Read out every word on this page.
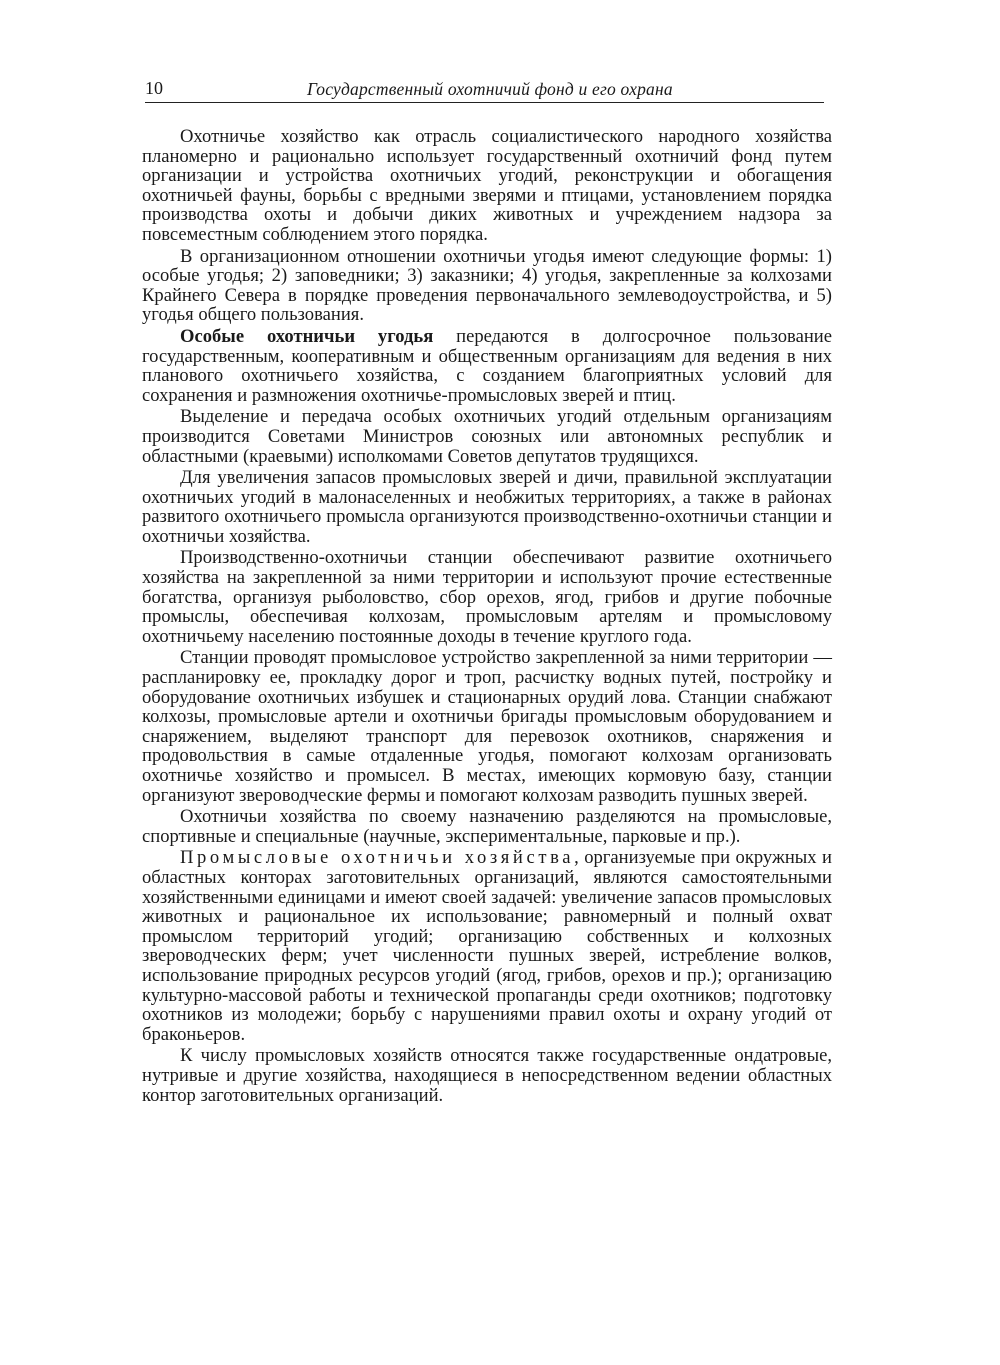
10	Государственный охотничий фонд и его охрана

Охотничье хозяйство как отрасль социалистического народного хозяйства планомерно и рационально использует государственный охотничий фонд путем организации и устройства охотничьих угодий, реконструкции и обогащения охотничьей фауны, борьбы с вредными зверями и птицами, установлением порядка производства охоты и добычи диких животных и учреждением надзора за повсеместным соблюдением этого порядка.

В организационном отношении охотничьи угодья имеют следующие формы: 1) особые угодья; 2) заповедники; 3) заказники; 4) угодья, закрепленные за колхозами Крайнего Севера в порядке проведения первоначального землеводоустройства, и 5) угодья общего пользования.

Особые охотничьи угодья передаются в долгосрочное пользование государственным, кооперативным и общественным организациям для ведения в них планового охотничьего хозяйства, с созданием благоприятных условий для сохранения и размножения охотничье-промысловых зверей и птиц.

Выделение и передача особых охотничьих угодий отдельным организациям производится Советами Министров союзных или автономных республик и областными (краевыми) исполкомами Советов депутатов трудящихся.

Для увеличения запасов промысловых зверей и дичи, правильной эксплуатации охотничьих угодий в малонаселенных и необжитых территориях, а также в районах развитого охотничьего промысла организуются производственно-охотничьи станции и охотничьи хозяйства.

Производственно-охотничьи станции обеспечивают развитие охотничьего хозяйства на закрепленной за ними территории и используют прочие естественные богатства, организуя рыболовство, сбор орехов, ягод, грибов и другие побочные промыслы, обеспечивая колхозам, промысловым артелям и промысловому охотничьему населению постоянные доходы в течение круглого года.

Станции проводят промысловое устройство закрепленной за ними территории — распланировку ее, прокладку дорог и троп, расчистку водных путей, постройку и оборудование охотничьих избушек и стационарных орудий лова. Станции снабжают колхозы, промысловые артели и охотничьи бригады промысловым оборудованием и снаряжением, выделяют транспорт для перевозок охотников, снаряжения и продовольствия в самые отдаленные угодья, помогают колхозам организовать охотничье хозяйство и промысел. В местах, имеющих кормовую базу, станции организуют звероводческие фермы и помогают колхозам разводить пушных зверей.

Охотничьи хозяйства по своему назначению разделяются на промысловые, спортивные и специальные (научные, экспериментальные, парковые и пр.).

Промысловые охотничьи хозяйства, организуемые при окружных и областных конторах заготовительных организаций, являются самостоятельными хозяйственными единицами и имеют своей задачей: увеличение запасов промысловых животных и рациональное их использование; равномерный и полный охват промыслом территорий угодий; организацию собственных и колхозных звероводческих ферм; учет численности пушных зверей, истребление волков, использование природных ресурсов угодий (ягод, грибов, орехов и пр.); организацию культурно-массовой работы и технической пропаганды среди охотников; подготовку охотников из молодежи; борьбу с нарушениями правил охоты и охрану угодий от браконьеров.

К числу промысловых хозяйств относятся также государственные ондатровые, нутривые и другие хозяйства, находящиеся в непосредственном ведении областных контор заготовительных организаций.
